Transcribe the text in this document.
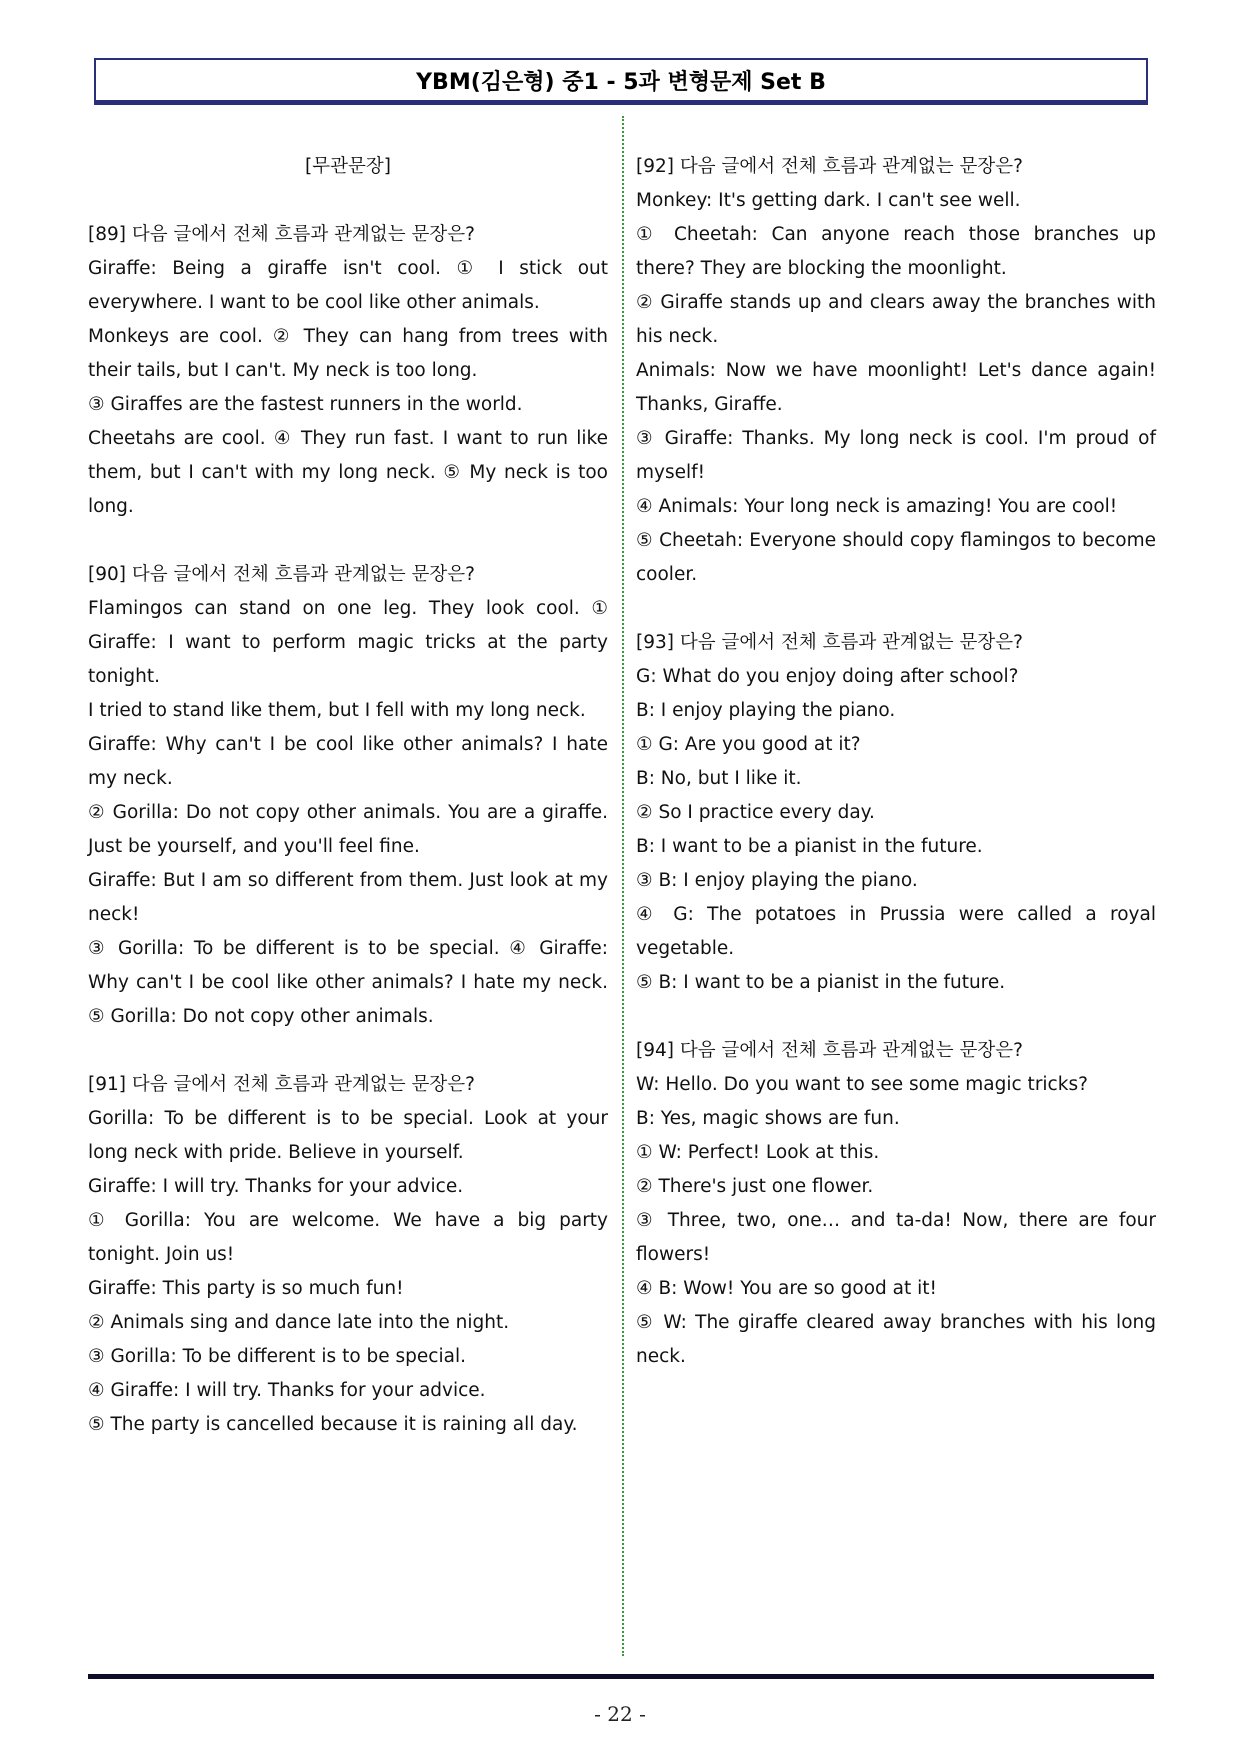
YBM(김은형) 중1 - 5과 변형문제 Set B

[무관문장]

[89] 다음 글에서 전체 흐름과 관계없는 문장은?

Giraffe: Being a giraffe isn't cool. ① I stick out everywhere. I want to be cool like other animals.

Monkeys are cool. ② They can hang from trees with their tails, but I can't. My neck is too long.

③ Giraffes are the fastest runners in the world.

Cheetahs are cool. ④ They run fast. I want to run like them, but I can't with my long neck. ⑤ My neck is too long.

[90] 다음 글에서 전체 흐름과 관계없는 문장은?

Flamingos can stand on one leg. They look cool. ① Giraffe: I want to perform magic tricks at the party tonight.

I tried to stand like them, but I fell with my long neck.

Giraffe: Why can't I be cool like other animals? I hate my neck.

② Gorilla: Do not copy other animals. You are a giraffe. Just be yourself, and you'll feel fine.

Giraffe: But I am so different from them. Just look at my neck!

③ Gorilla: To be different is to be special. ④ Giraffe: Why can't I be cool like other animals? I hate my neck. ⑤ Gorilla: Do not copy other animals.

[91] 다음 글에서 전체 흐름과 관계없는 문장은?

Gorilla: To be different is to be special. Look at your long neck with pride. Believe in yourself.

Giraffe: I will try. Thanks for your advice.

① Gorilla: You are welcome. We have a big party tonight. Join us!

Giraffe: This party is so much fun!

② Animals sing and dance late into the night.

③ Gorilla: To be different is to be special.

④ Giraffe: I will try. Thanks for your advice.

⑤ The party is cancelled because it is raining all day.

[92] 다음 글에서 전체 흐름과 관계없는 문장은?

Monkey: It's getting dark. I can't see well.

① Cheetah: Can anyone reach those branches up there? They are blocking the moonlight.

② Giraffe stands up and clears away the branches with his neck.

Animals: Now we have moonlight! Let's dance again! Thanks, Giraffe.

③ Giraffe: Thanks. My long neck is cool. I'm proud of myself!

④ Animals: Your long neck is amazing! You are cool!

⑤ Cheetah: Everyone should copy flamingos to become cooler.

[93] 다음 글에서 전체 흐름과 관계없는 문장은?

G: What do you enjoy doing after school?

B: I enjoy playing the piano.

① G: Are you good at it?

B: No, but I like it.

② So I practice every day.

B: I want to be a pianist in the future.

③ B: I enjoy playing the piano.

④ G: The potatoes in Prussia were called a royal vegetable.

⑤ B: I want to be a pianist in the future.

[94] 다음 글에서 전체 흐름과 관계없는 문장은?

W: Hello. Do you want to see some magic tricks?

B: Yes, magic shows are fun.

① W: Perfect! Look at this.

② There's just one flower.

③ Three, two, one… and ta-da! Now, there are four flowers!

④ B: Wow! You are so good at it!

⑤ W: The giraffe cleared away branches with his long neck.

- 22 -
